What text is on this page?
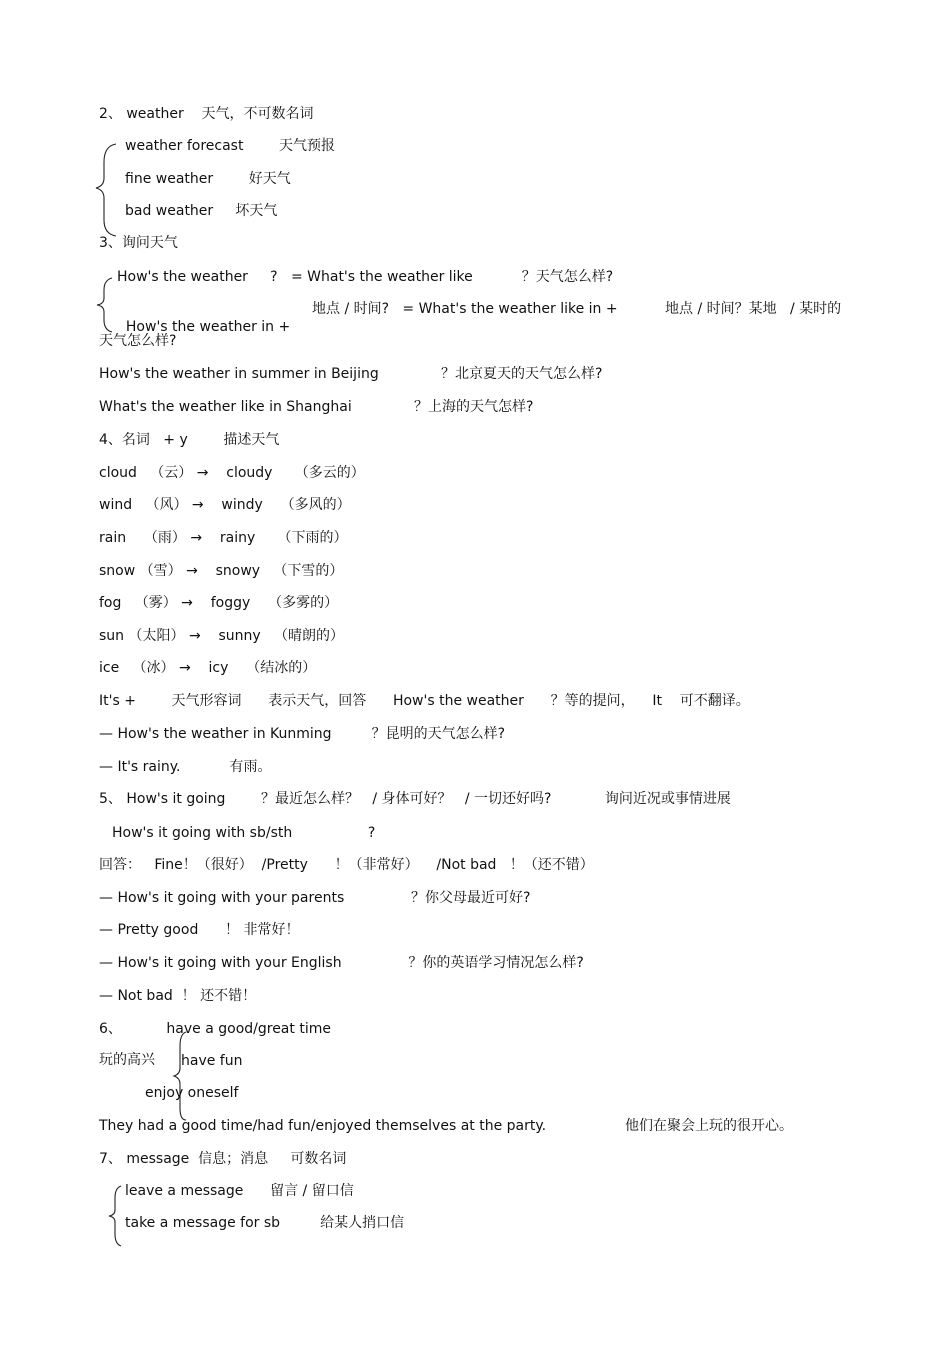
2、 weather    天气，不可数名词
weather forecast        天气预报
fine weather        好天气
bad weather     坏天气
3、询问天气
How's the weather     ?   = What's the weather like           ？天气怎么样?

How's the weather in +

地点 / 时间?   = What's the weather like in +

	地点 / 时间？某地   / 某时的

天气怎么样?
How's the weather in summer in Beijing              ？北京夏天的天气怎么样?
What's the weather like in Shanghai              ？上海的天气怎样?
4、名词   + y        描述天气
cloud   （云） →    cloudy     （多云的）
wind   （风） →    windy    （多风的）
rain    （雨） →    rainy     （下雨的）
snow （雪） →    snowy   （下雪的）
fog   （雾） →    foggy    （多雾的）
sun （太阳） →    sunny   （晴朗的）
ice   （冰） →    icy    （结冰的）
It's +        天气形容词      表示天气，回答      How's the weather      ？等的提问，    It    可不翻译。
— How's the weather in Kunming         ？昆明的天气怎么样?
— It's rainy.           有雨。
5、 How's it going        ？最近怎么样？   / 身体可好？   / 一切还好吗?            询问近况或事情进展
How's it going with sb/sth                 ?
回答：   Fine！（很好）  /Pretty      ！（非常好）    /Not bad   ！（还不错）
— How's it going with your parents               ？你父母最近可好?
— Pretty good      ！ 非常好！
— How's it going with your English               ？你的英语学习情况怎么样?
— Not bad  ！ 还不错！
6、          have a good/great time
玩的高兴 have fun
enjoy oneself
They had a good time/had fun/enjoyed themselves at the party.	他们在聚会上玩的很开心。
7、 message  信息；消息     可数名词
leave a message      留言 / 留口信
take a message for sb         给某人捎口信
